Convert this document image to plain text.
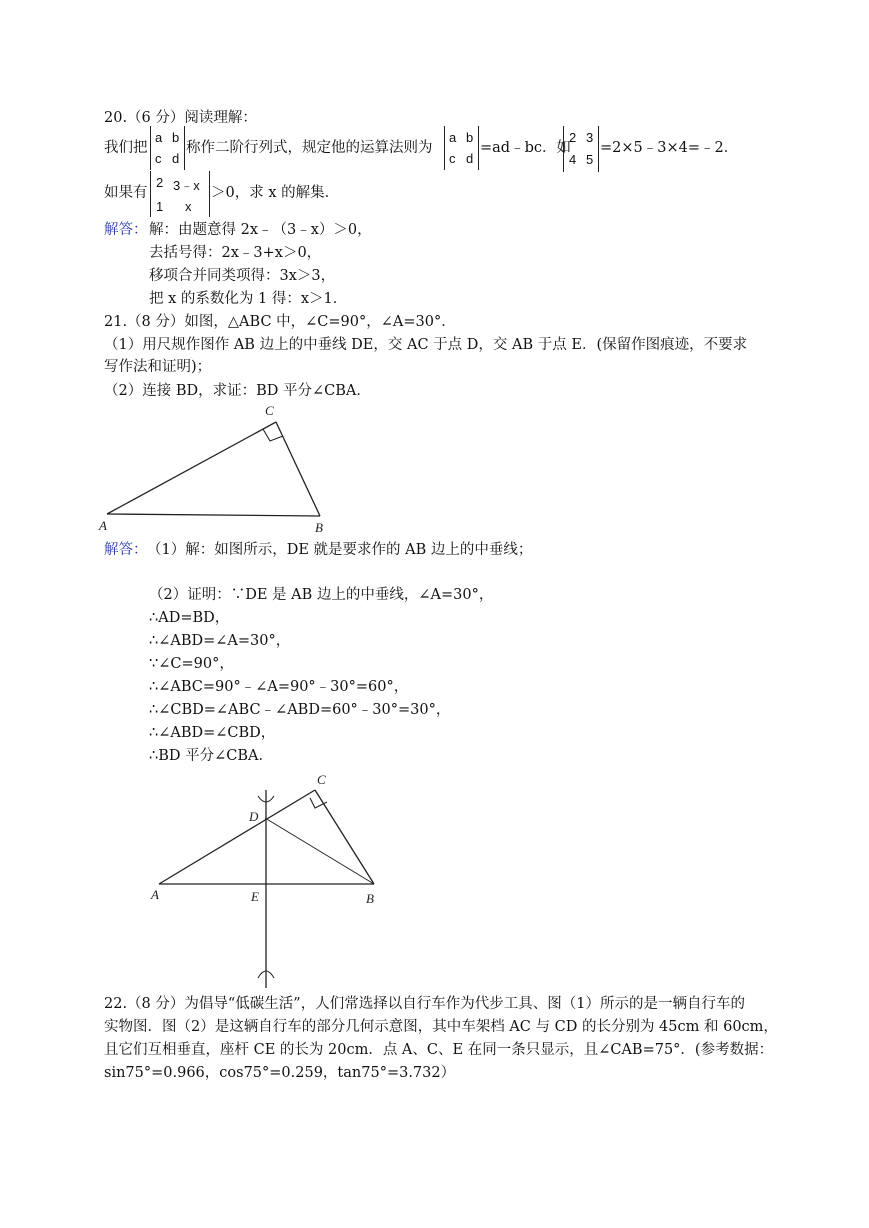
20.（6 分）阅读理解：
我们把
a b
c d
称作二阶行列式，规定他的运算法则为
a b
c d
=ad﹣bc．如
2 3
4 5
=2×5﹣3×4=﹣2．
如果有
2 3﹣x
1 x
＞0，求 x 的解集．
解答： 解：由题意得 2x﹣（3﹣x）＞0，
去括号得：2x﹣3+x＞0，
移项合并同类项得：3x＞3，
把 x 的系数化为 1 得：x＞1．
21.（8 分）如图，△ABC 中，∠C=90°，∠A=30°．
（1）用尺规作图作 AB 边上的中垂线 DE，交 AC 于点 D，交 AB 于点 E．(保留作图痕迹，不要求
写作法和证明)；
（2）连接 BD，求证：BD 平分∠CBA．
A	B
C
解答： （1）解：如图所示，DE 就是要求作的 AB 边上的中垂线；
（2）证明：∵DE 是 AB 边上的中垂线，∠A=30°，
∴AD=BD，
∴∠ABD=∠A=30°，
∵∠C=90°，
∴∠ABC=90°﹣∠A=90°﹣30°=60°，
∴∠CBD=∠ABC﹣∠ABD=60°﹣30°=30°，
∴∠ABD=∠CBD，
∴BD 平分∠CBA．
A	B
C
D
E
22.（8 分）为倡导“低碳生活”，人们常选择以自行车作为代步工具、图（1）所示的是一辆自行车的
实物图．图（2）是这辆自行车的部分几何示意图，其中车架档 AC 与 CD 的长分别为 45cm 和 60cm，
且它们互相垂直，座杆 CE 的长为 20cm．点 A、C、E 在同一条只显示，且∠CAB=75°．(参考数据：
sin75°=0.966，cos75°=0.259，tan75°=3.732）
